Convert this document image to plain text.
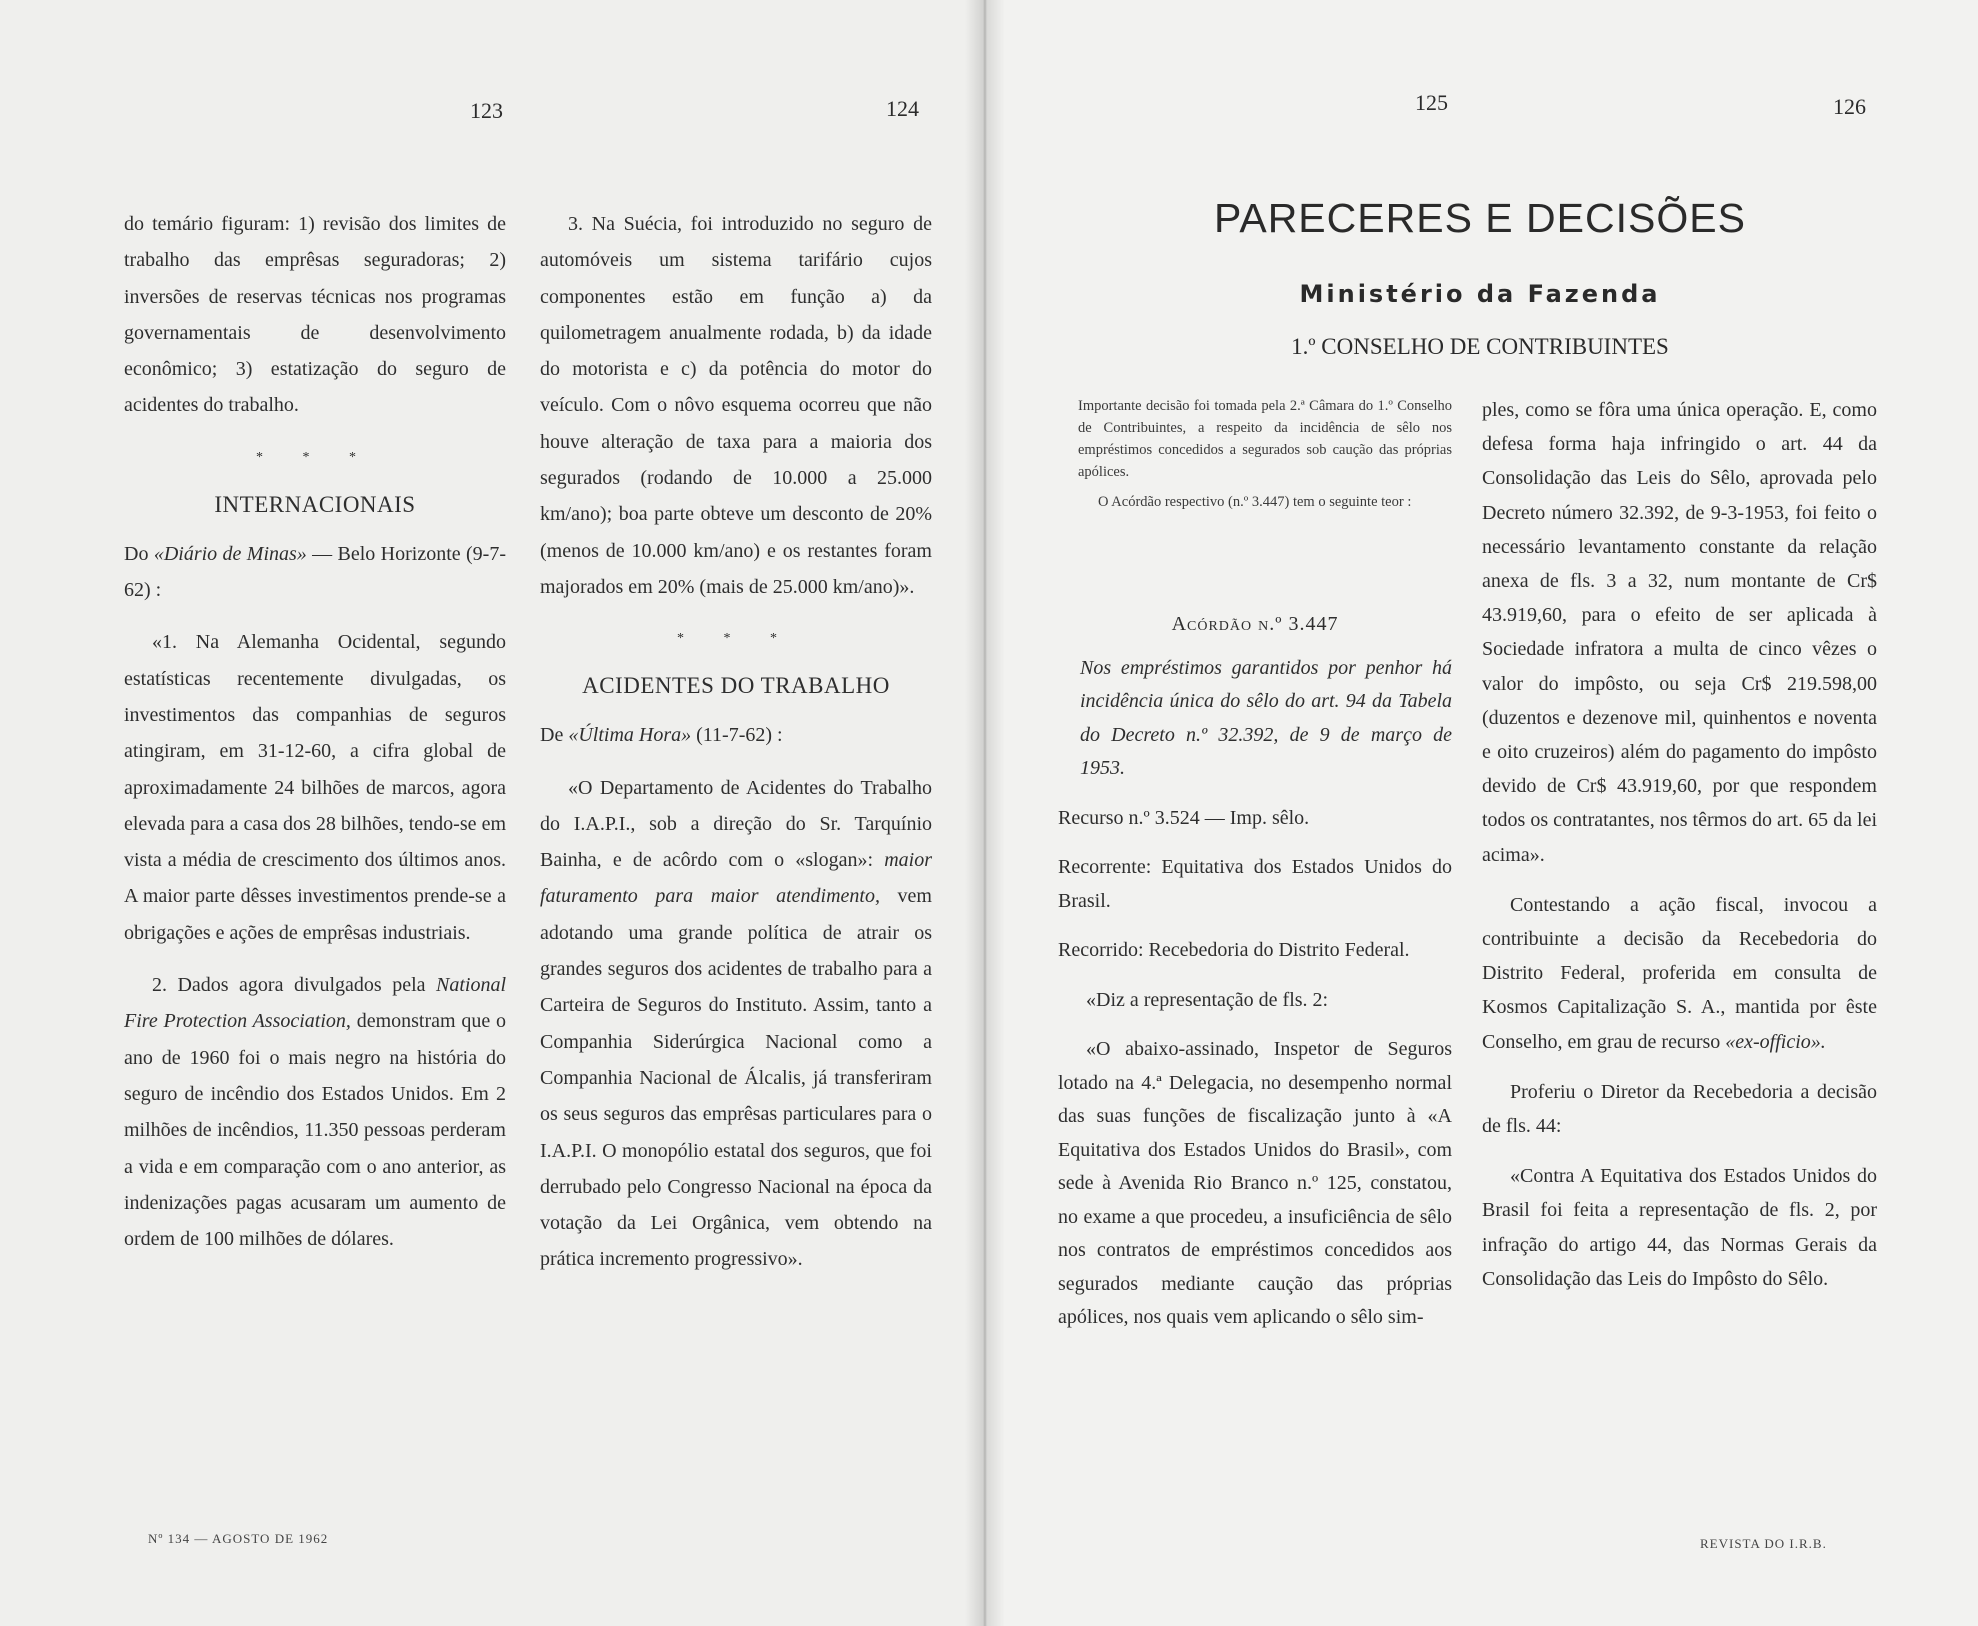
123	124	125	126

do temário figuram: 1) revisão dos limites de trabalho das emprêsas seguradoras; 2) inversões de reservas técnicas nos programas governamentais de desenvolvimento econômico; 3) estatização do seguro de acidentes do trabalho.

* * *
INTERNACIONAIS

Do «Diário de Minas» — Belo Horizonte (9-7-62) :

«1. Na Alemanha Ocidental, segundo estatísticas recentemente divulgadas, os investimentos das companhias de seguros atingiram, em 31-12-60, a cifra global de aproximadamente 24 bilhões de marcos, agora elevada para a casa dos 28 bilhões, tendo-se em vista a média de crescimento dos últimos anos. A maior parte dêsses investimentos prende-se a obrigações e ações de emprêsas industriais.

2. Dados agora divulgados pela National Fire Protection Association, demonstram que o ano de 1960 foi o mais negro na história do seguro de incêndio dos Estados Unidos. Em 2 milhões de incêndios, 11.350 pessoas perderam a vida e em comparação com o ano anterior, as indenizações pagas acusaram um aumento de ordem de 100 milhões de dólares.

3. Na Suécia, foi introduzido no seguro de automóveis um sistema tarifário cujos componentes estão em função a) da quilometragem anualmente rodada, b) da idade do motorista e c) da potência do motor do veículo. Com o nôvo esquema ocorreu que não houve alteração de taxa para a maioria dos segurados (rodando de 10.000 a 25.000 km/ano); boa parte obteve um desconto de 20% (menos de 10.000 km/ano) e os restantes foram majorados em 20% (mais de 25.000 km/ano)».

* * *
ACIDENTES DO TRABALHO

De «Última Hora» (11-7-62) :

«O Departamento de Acidentes do Trabalho do I.A.P.I., sob a direção do Sr. Tarquínio Bainha, e de acôrdo com o «slogan»: maior faturamento para maior atendimento, vem adotando uma grande política de atrair os grandes seguros dos acidentes de trabalho para a Carteira de Seguros do Instituto. Assim, tanto a Companhia Siderúrgica Nacional como a Companhia Nacional de Álcalis, já transferiram os seus seguros das emprêsas particulares para o I.A.P.I. O monopólio estatal dos seguros, que foi derrubado pelo Congresso Nacional na época da votação da Lei Orgânica, vem obtendo na prática incremento progressivo».

PARECERES E DECISÕES
Ministério da Fazenda
1.º CONSELHO DE CONTRIBUINTES

Importante decisão foi tomada pela 2.ª Câmara do 1.º Conselho de Contribuintes, a respeito da incidência de sêlo nos empréstimos concedidos a segurados sob caução das próprias apólices.

O Acórdão respectivo (n.º 3.447) tem o seguinte teor :

Acórdão n.º 3.447

Nos empréstimos garantidos por penhor há incidência única do sêlo do art. 94 da Tabela do Decreto n.º 32.392, de 9 de março de 1953.

Recurso n.º 3.524 — Imp. sêlo.

Recorrente: Equitativa dos Estados Unidos do Brasil.

Recorrido: Recebedoria do Distrito Federal.

«Diz a representação de fls. 2:

«O abaixo-assinado, Inspetor de Seguros lotado na 4.ª Delegacia, no desempenho normal das suas funções de fiscalização junto à «A Equitativa dos Estados Unidos do Brasil», com sede à Avenida Rio Branco n.º 125, constatou, no exame a que procedeu, a insuficiência de sêlo nos contratos de empréstimos concedidos aos segurados mediante caução das próprias apólices, nos quais vem aplicando o sêlo sim-

ples, como se fôra uma única operação. E, como defesa forma haja infringido o art. 44 da Consolidação das Leis do Sêlo, aprovada pelo Decreto número 32.392, de 9-3-1953, foi feito o necessário levantamento constante da relação anexa de fls. 3 a 32, num montante de Cr$ 43.919,60, para o efeito de ser aplicada à Sociedade infratora a multa de cinco vêzes o valor do impôsto, ou seja Cr$ 219.598,00 (duzentos e dezenove mil, quinhentos e noventa e oito cruzeiros) além do pagamento do impôsto devido de Cr$ 43.919,60, por que respondem todos os contratantes, nos têrmos do art. 65 da lei acima».

Contestando a ação fiscal, invocou a contribuinte a decisão da Recebedoria do Distrito Federal, proferida em consulta de Kosmos Capitalização S. A., mantida por êste Conselho, em grau de recurso «ex-officio».

Proferiu o Diretor da Recebedoria a decisão de fls. 44:

«Contra A Equitativa dos Estados Unidos do Brasil foi feita a representação de fls. 2, por infração do artigo 44, das Normas Gerais da Consolidação das Leis do Impôsto do Sêlo.

Nº 134 — AGOSTO DE 1962	REVISTA DO I.R.B.
